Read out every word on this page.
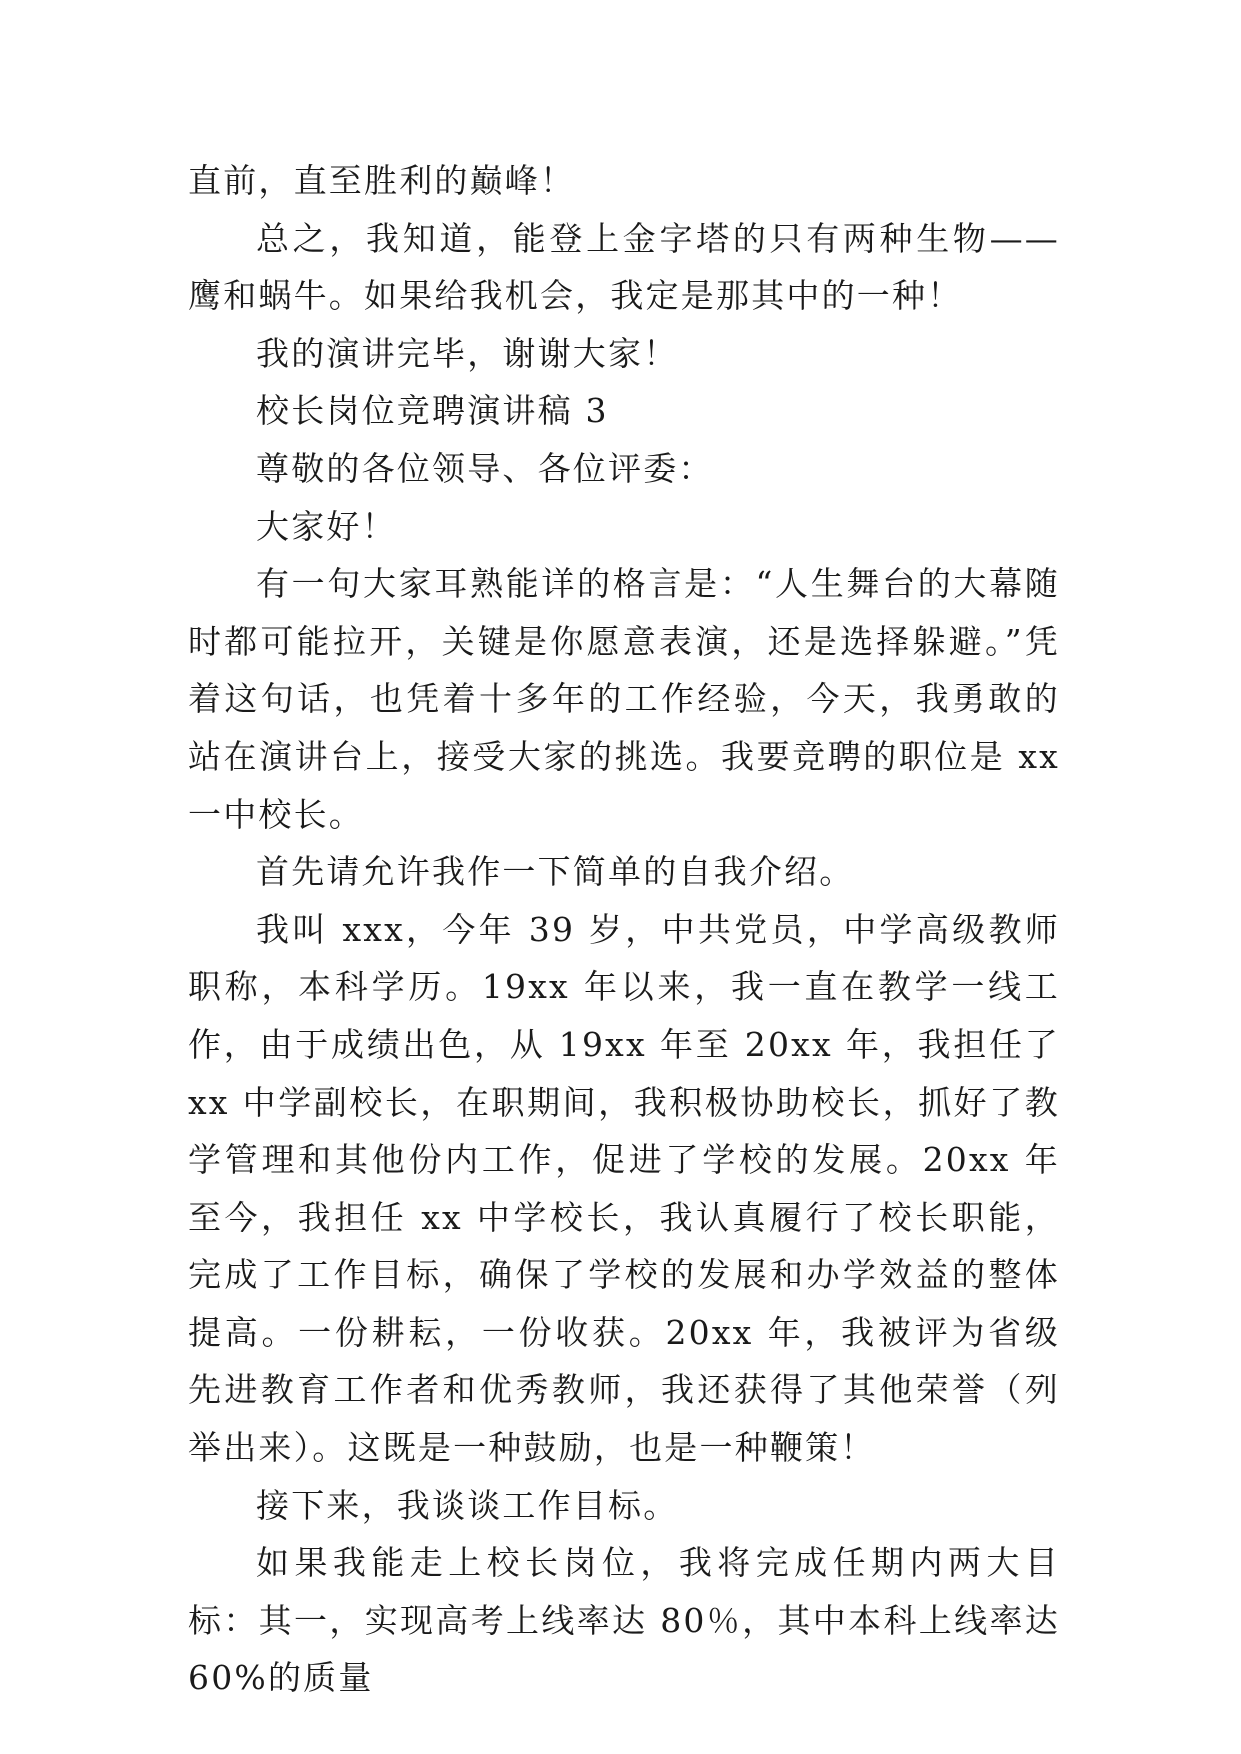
直前，直至胜利的巅峰！

总之，我知道，能登上金字塔的只有两种生物——鹰和蜗牛。如果给我机会，我定是那其中的一种！

我的演讲完毕，谢谢大家！

校长岗位竞聘演讲稿 3

尊敬的各位领导、各位评委：

大家好！

有一句大家耳熟能详的格言是：“人生舞台的大幕随时都可能拉开，关键是你愿意表演，还是选择躲避。”凭着这句话，也凭着十多年的工作经验，今天，我勇敢的站在演讲台上，接受大家的挑选。我要竞聘的职位是 xx 一中校长。

首先请允许我作一下简单的自我介绍。

我叫 xxx，今年 39 岁，中共党员，中学高级教师职称，本科学历。19xx 年以来，我一直在教学一线工作，由于成绩出色，从 19xx 年至 20xx 年，我担任了 xx 中学副校长，在职期间，我积极协助校长，抓好了教学管理和其他份内工作，促进了学校的发展。20xx 年至今，我担任 xx 中学校长，我认真履行了校长职能，完成了工作目标，确保了学校的发展和办学效益的整体提高。一份耕耘，一份收获。20xx 年，我被评为省级先进教育工作者和优秀教师，我还获得了其他荣誉（列举出来）。这既是一种鼓励，也是一种鞭策！

接下来，我谈谈工作目标。

如果我能走上校长岗位，我将完成任期内两大目标：其一，实现高考上线率达 80％，其中本科上线率达 60%的质量
